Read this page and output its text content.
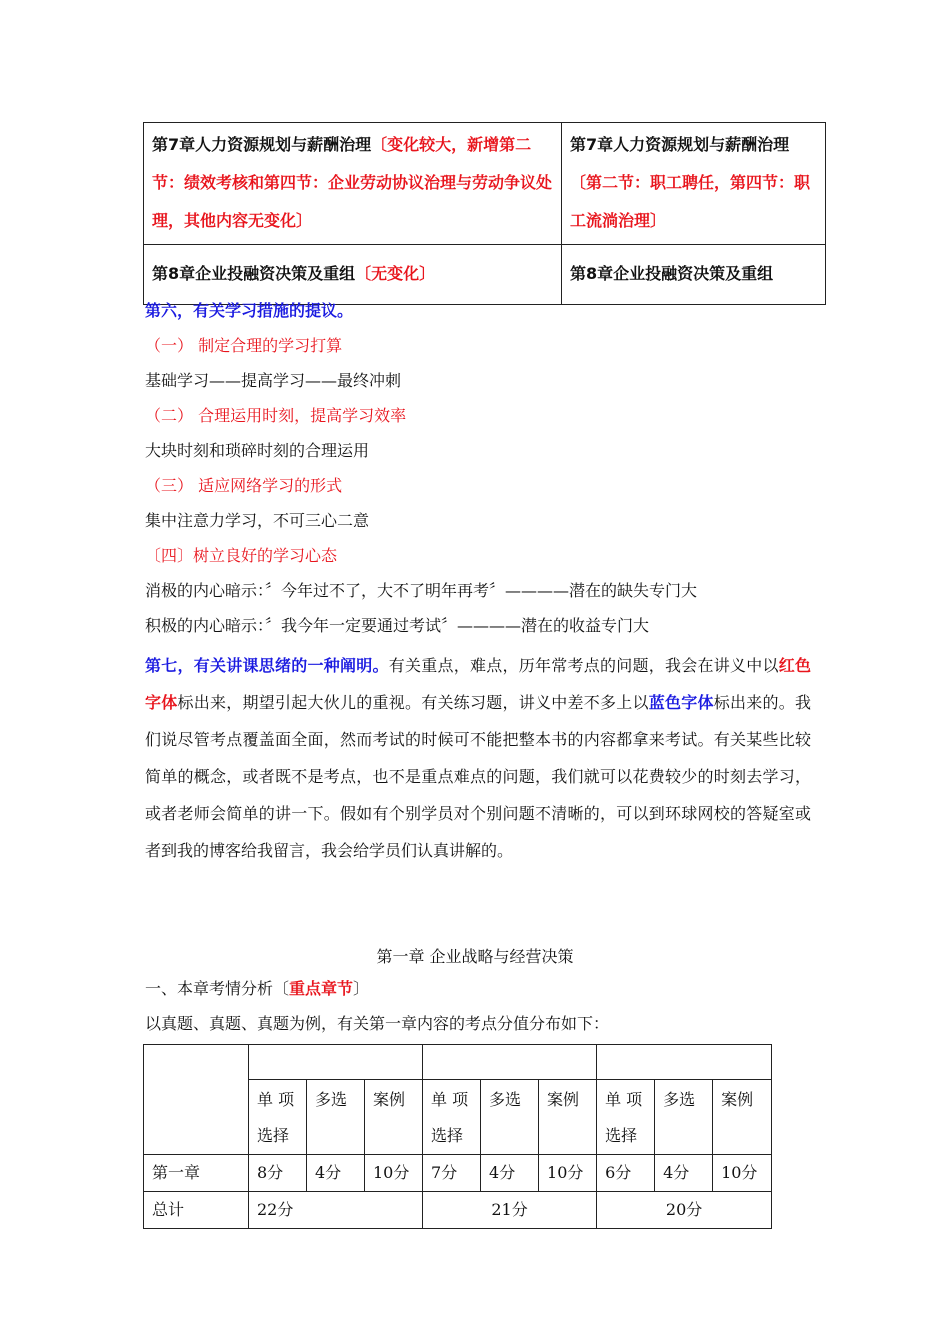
第7章人力资源规划与薪酬治理〔变化较大，新增第二节：绩效考核和第四节：企业劳动协议治理与劳动争议处理，其他内容无变化〕	第7章人力资源规划与薪酬治理〔第二节：职工聘任，第四节：职工流淌治理〕
第8章企业投融资决策及重组〔无变化〕	第8章企业投融资决策及重组
第六，有关学习措施的提议。
（一） 制定合理的学习打算
基础学习——提高学习——最终冲刺
（二） 合理运用时刻，提高学习效率
大块时刻和琐碎时刻的合理运用
（三） 适应网络学习的形式
集中注意力学习，不可三心二意
〔四〕树立良好的学习心态
消极的内心暗示：〞今年过不了，大不了明年再考〞————潜在的缺失专门大
积极的内心暗示：〞我今年一定要通过考试〞————潜在的收益专门大
第七，有关讲课思绪的一种阐明。有关重点，难点，历年常考点的问题，我会在讲义中以红色字体标出来，期望引起大伙儿的重视。有关练习题，讲义中差不多上以蓝色字体标出来的。我们说尽管考点覆盖面全面，然而考试的时候可不能把整本书的内容都拿来考试。有关某些比较简单的概念，或者既不是考点，也不是重点难点的问题，我们就可以花费较少的时刻去学习，或者老师会简单的讲一下。假如有个别学员对个别问题不清晰的，可以到环球网校的答疑室或者到我的博客给我留言，我会给学员们认真讲解的。
第一章 企业战略与经营决策
一、本章考情分析〔重点章节〕
以真题、真题、真题为例，有关第一章内容的考点分值分布如下：

	单 项 选择	多选	案例	单 项 选择	多选	案例	单 项 选择	多选	案例
第一章	8分	4分	10分	7分	4分	10分	6分	4分	10分
总计	22分			21分			20分		
